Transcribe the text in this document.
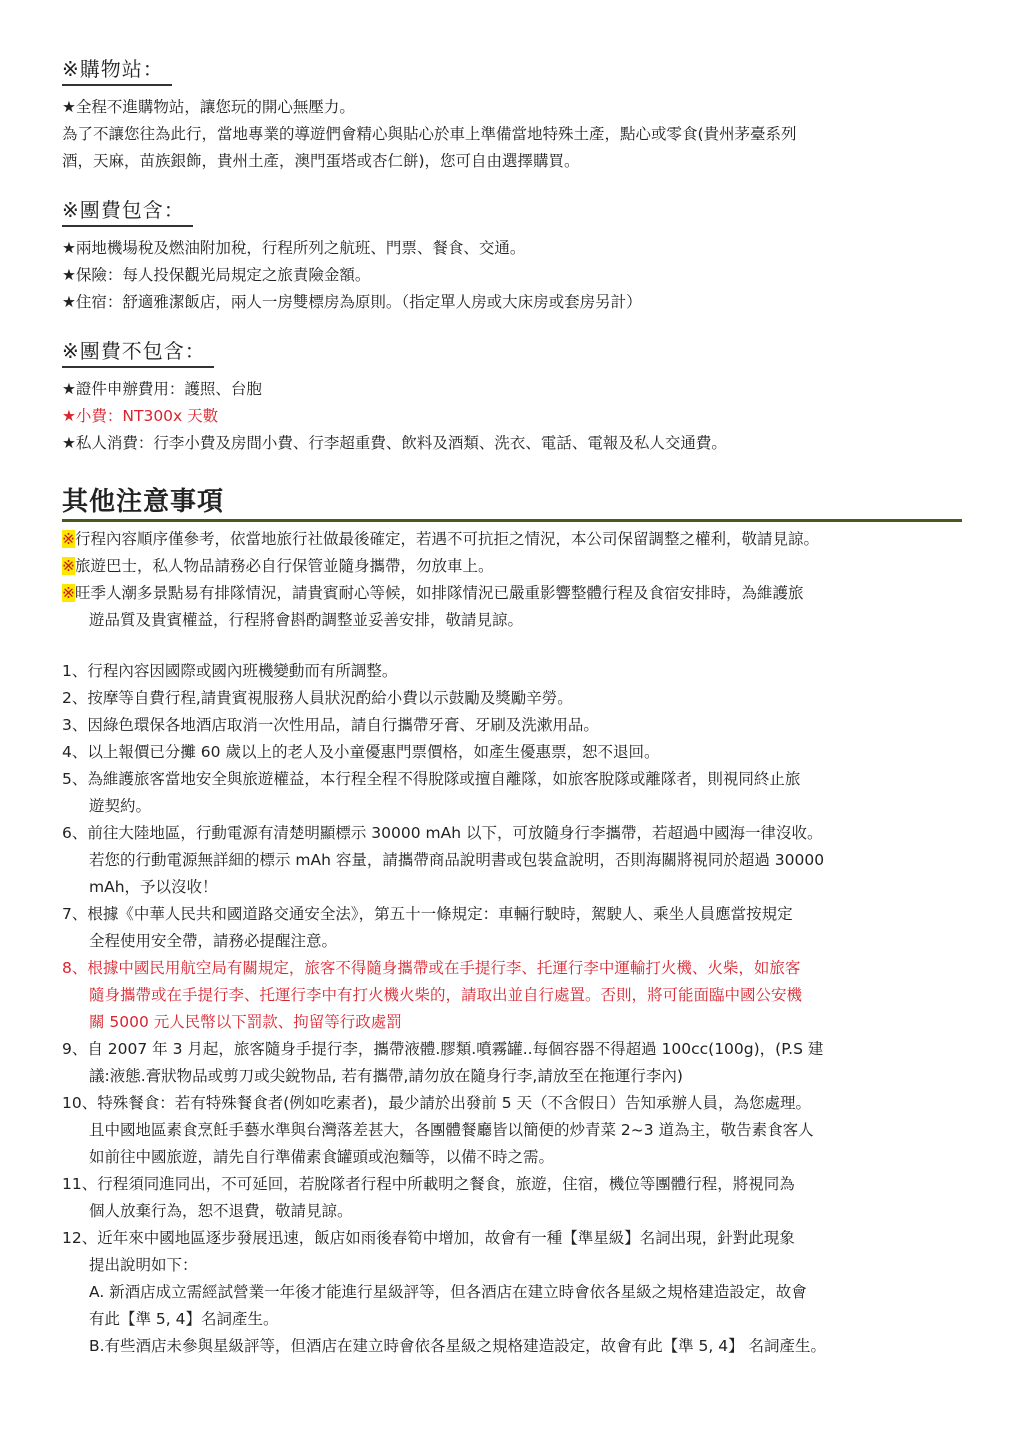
※購物站：
★全程不進購物站，讓您玩的開心無壓力。
為了不讓您往為此行，當地專業的導遊們會精心與貼心於車上準備當地特殊土產，點心或零食(貴州茅臺系列
酒，天麻，苗族銀飾，貴州土產，澳門蛋塔或杏仁餅)，您可自由選擇購買。
※團費包含：
★兩地機場稅及燃油附加稅，行程所列之航班、門票、餐食、交通。
★保險：每人投保觀光局規定之旅責險金額。
★住宿：舒適雅潔飯店，兩人一房雙標房為原則。（指定單人房或大床房或套房另計）
※團費不包含：
★證件申辦費用：護照、台胞
★小費：NT300x 天數
★私人消費：行李小費及房間小費、行李超重費、飲料及酒類、洗衣、電話、電報及私人交通費。
其他注意事項
※行程內容順序僅參考，依當地旅行社做最後確定，若遇不可抗拒之情況，本公司保留調整之權利，敬請見諒。
※旅遊巴士，私人物品請務必自行保管並隨身攜帶，勿放車上。
※旺季人潮多景點易有排隊情況，請貴賓耐心等候，如排隊情況已嚴重影響整體行程及食宿安排時，為維護旅
遊品質及貴賓權益，行程將會斟酌調整並妥善安排，敬請見諒。
1、行程內容因國際或國內班機變動而有所調整。
2、按摩等自費行程,請貴賓視服務人員狀況酌給小費以示鼓勵及獎勵辛勞。
3、因綠色環保各地酒店取消一次性用品，請自行攜帶牙膏、牙刷及洗漱用品。
4、以上報價已分攤 60 歲以上的老人及小童優惠門票價格，如產生優惠票，恕不退回。
5、為維護旅客當地安全與旅遊權益，本行程全程不得脫隊或擅自離隊，如旅客脫隊或離隊者，則視同終止旅
遊契約。
6、前往大陸地區，行動電源有清楚明顯標示 30000 mAh 以下，可放隨身行李攜帶，若超過中國海一律沒收。
若您的行動電源無詳細的標示 mAh 容量，請攜帶商品說明書或包裝盒說明，否則海關將視同於超過 30000
mAh，予以沒收！
7、根據《中華人民共和國道路交通安全法》，第五十一條規定：車輛行駛時，駕駛人、乘坐人員應當按規定
全程使用安全帶，請務必提醒注意。
8、根據中國民用航空局有關規定，旅客不得隨身攜帶或在手提行李、托運行李中運輸打火機、火柴，如旅客
隨身攜帶或在手提行李、托運行李中有打火機火柴的，請取出並自行處置。否則，將可能面臨中國公安機
關 5000 元人民幣以下罰款、拘留等行政處罰
9、自 2007 年 3 月起，旅客隨身手提行李，攜帶液體.膠類.噴霧罐..每個容器不得超過 100cc(100g)，(P.S 建
議:液態.膏狀物品或剪刀或尖銳物品, 若有攜帶,請勿放在隨身行李,請放至在拖運行李內)
10、特殊餐食：若有特殊餐食者(例如吃素者)，最少請於出發前 5 天（不含假日）告知承辦人員，為您處理。
且中國地區素食烹飪手藝水準與台灣落差甚大，各團體餐廳皆以簡便的炒青菜 2~3 道為主，敬告素食客人
如前往中國旅遊，請先自行準備素食罐頭或泡麵等，以備不時之需。
11、行程須同進同出，不可延回，若脫隊者行程中所載明之餐食，旅遊，住宿，機位等團體行程，將視同為
個人放棄行為，恕不退費，敬請見諒。
12、近年來中國地區逐步發展迅速，飯店如雨後春筍中增加，故會有一種【準星級】名詞出現，針對此現象
提出說明如下：
A. 新酒店成立需經試營業一年後才能進行星級評等，但各酒店在建立時會依各星級之規格建造設定，故會
有此【準 5, 4】名詞產生。
B.有些酒店未參與星級評等，但酒店在建立時會依各星級之規格建造設定，故會有此【準 5, 4】 名詞產生。
